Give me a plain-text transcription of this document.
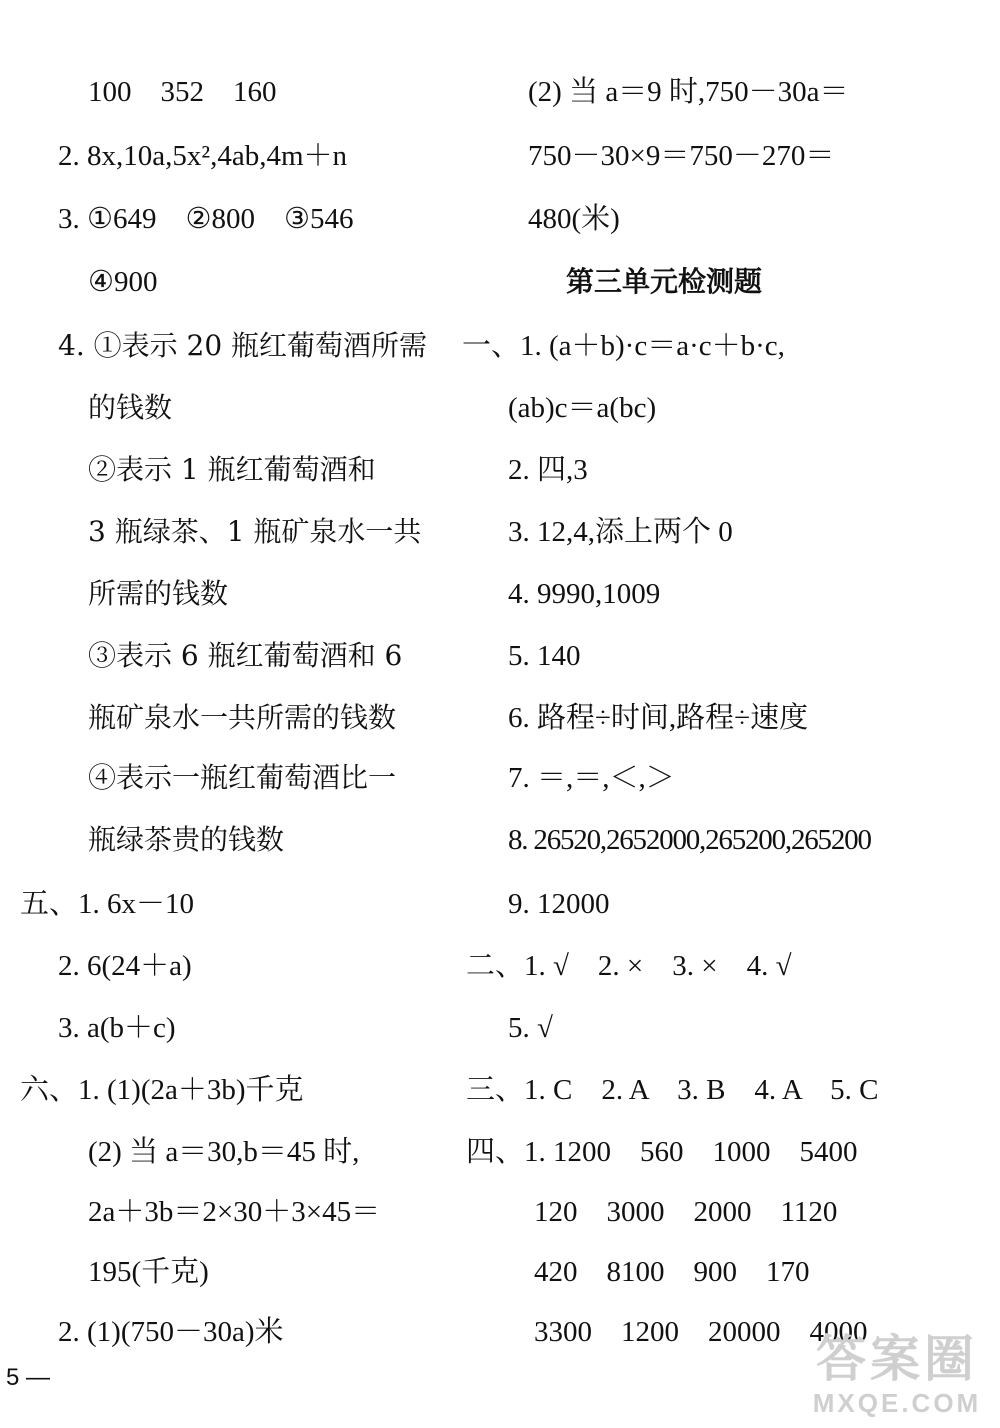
100　352　160
2. 8x,10a,5x²,4ab,4m＋n
3. ①649　②800　③546
④900
4. ①表示 20 瓶红葡萄酒所需
的钱数
②表示 1 瓶红葡萄酒和
3 瓶绿茶、1 瓶矿泉水一共
所需的钱数
③表示 6 瓶红葡萄酒和 6
瓶矿泉水一共所需的钱数
④表示一瓶红葡萄酒比一
瓶绿茶贵的钱数
五、1. 6x－10
2. 6(24＋a)
3. a(b＋c)
六、1. (1)(2a＋3b)千克
(2) 当 a＝30,b＝45 时,
2a＋3b＝2×30＋3×45＝
195(千克)
2. (1)(750－30a)米
(2) 当 a＝9 时,750－30a＝
750－30×9＝750－270＝
480(米)
第三单元检测题
一、1. (a＋b)·c＝a·c＋b·c,
(ab)c＝a(bc)
2. 四,3
3. 12,4,添上两个 0
4. 9990,1009
5. 140
6. 路程÷时间,路程÷速度
7. ＝,＝,＜,＞
8. 26520,2652000,265200,265200
9. 12000
二、1. √　2. ×　3. ×　4. √
5. √
三、1. C　2. A　3. B　4. A　5. C
四、1. 1200　560　1000　5400
120　3000　2000　1120
420　8100　900　170
3300　1200　20000　4000
5 —	答案圈
MXQE.COM
